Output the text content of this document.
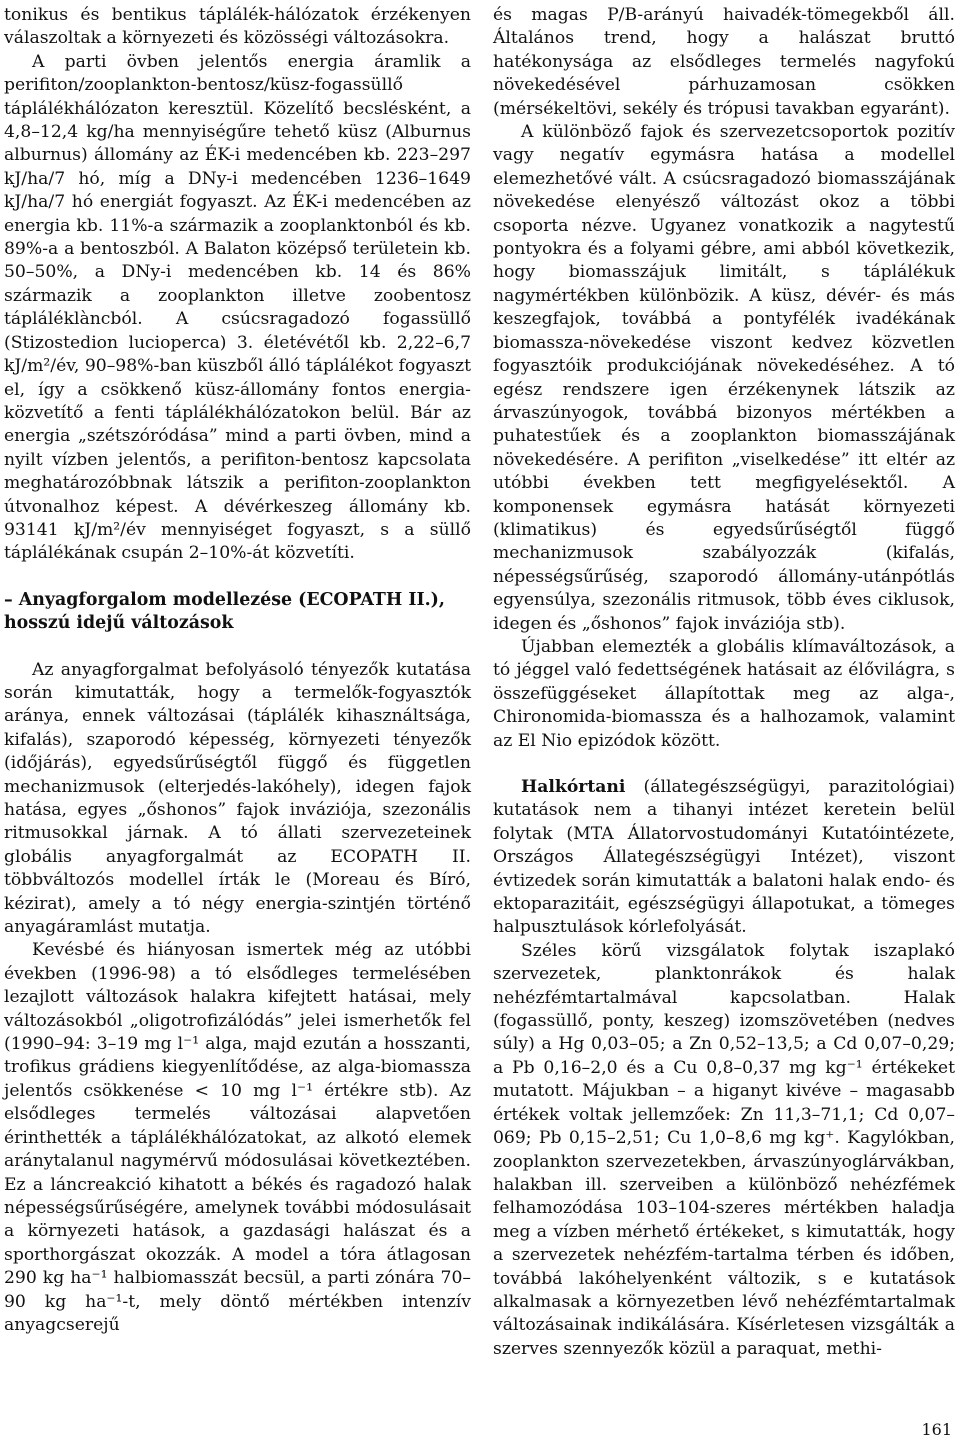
tonikus és bentikus táplálék-hálózatok érzékenyen válaszoltak a környezeti és közösségi változásokra.

A parti övben jelentős energia áramlik a perifiton/zooplankton-bentosz/küsz-fogassüllő táplálékhálózaton keresztül. Közelítő becslésként, a 4,8–12,4 kg/ha mennyiségűre tehető küsz (Alburnus alburnus) állomány az ÉK-i medencében kb. 223–297 kJ/ha/7 hó, míg a DNy-i medencében 1236–1649 kJ/ha/7 hó energiát fogyaszt. Az ÉK-i medencében az energia kb. 11%-a származik a zooplanktonból és kb. 89%-a a bentoszból. A Balaton középső területein kb. 50–50%, a DNy-i medencében kb. 14 és 86% származik a zooplankton illetve zoobentosz tápláléklàncból. A csúcsragadozó fogassüllő (Stizostedion lucioperca) 3. életévétől kb. 2,22–6,7 kJ/m²/év, 90–98%-ban küszből álló táplálékot fogyaszt el, így a csökkenő küsz-állomány fontos energia-közvetítő a fenti táplálékhálózatokon belül. Bár az energia „szétszóródása” mind a parti övben, mind a nyilt vízben jelentős, a perifiton-bentosz kapcsolata meghatározóbbnak látszik a perifiton-zooplankton útvonalhoz képest. A dévérkeszeg állomány kb. 93141 kJ/m²/év mennyiséget fogyaszt, s a süllő táplálékának csupán 2–10%-át közvetíti.

– Anyagforgalom modellezése (ECOPATH II.), hosszú idejű változások

Az anyagforgalmat befolyásoló tényezők kutatása során kimutatták, hogy a termelők-fogyasztók aránya, ennek változásai (táplálék kihasználtsága, kifalás), szaporodó képesség, környezeti tényezők (időjárás), egyedsűrűségtől függő és független mechanizmusok (elterjedés-lakóhely), idegen fajok hatása, egyes „őshonos” fajok inváziója, szezonális ritmusokkal járnak. A tó állati szervezeteinek globális anyagforgalmát az ECOPATH II. többváltozós modellel írták le (Moreau és Bíró, kézirat), amely a tó négy energia-szintjén történő anyagáramlást mutatja.

Kevésbé és hiányosan ismertek még az utóbbi években (1996-98) a tó elsődleges termelésében lezajlott változások halakra kifejtett hatásai, mely változásokból „oligotrofizálódás” jelei ismerhetők fel (1990–94: 3–19 mg l⁻¹ alga, majd ezután a hosszanti, trofikus grádiens kiegyenlítődése, az alga-biomassza jelentős csökkenése < 10 mg l⁻¹ értékre stb). Az elsődleges termelés változásai alapvetően érinthették a táplálékhálózatokat, az alkotó elemek aránytalanul nagymérvű módosulásai következtében. Ez a láncreakció kihatott a békés és ragadozó halak népességsűrűségére, amelynek további módosulásait a környezeti hatások, a gazdasági halászat és a sporthorgászat okozzák. A model a tóra átlagosan 290 kg ha⁻¹ halbiomasszát becsül, a parti zónára 70–90 kg ha⁻¹-t, mely döntő mértékben intenzív anyagcserejű

és magas P/B-arányú haivadék-tömegekből áll. Általános trend, hogy a halászat bruttó hatékonysága az elsődleges termelés nagyfokú növekedésével párhuzamosan csökken (mérsékeltövi, sekély és trópusi tavakban egyaránt).

A különböző fajok és szervezetcsoportok pozitív vagy negatív egymásra hatása a modellel elemezhetővé vált. A csúcsragadozó biomasszájának növekedése elenyésző változást okoz a többi csoporta nézve. Ugyanez vonatkozik a nagytestű pontyokra és a folyami gébre, ami abból következik, hogy biomasszájuk limitált, s táplálékuk nagymértékben különbözik. A küsz, dévér- és más keszegfajok, továbbá a pontyfélék ivadékának biomassza-növekedése viszont kedvez közvetlen fogyasztóik produkciójának növekedéséhez. A tó egész rendszere igen érzékenynek látszik az árvaszúnyogok, továbbá bizonyos mértékben a puhatestűek és a zooplankton biomasszájának növekedésére. A perifiton „viselkedése” itt eltér az utóbbi években tett megfigyelésektől. A komponensek egymásra hatását környezeti (klimatikus) és egyedsűrűségtől függő mechanizmusok szabályozzák (kifalás, népességsűrűség, szaporodó állomány-utánpótlás egyensúlya, szezonális ritmusok, több éves ciklusok, idegen és „őshonos” fajok inváziója stb).

Újabban elemezték a globális klímaváltozások, a tó jéggel való fedettségének hatásait az élővilágra, s összefüggéseket állapítottak meg az alga-, Chironomida-biomassza és a halhozamok, valamint az El Nio epizódok között.

Halkórtani (állategészségügyi, parazitológiai) kutatások nem a tihanyi intézet keretein belül folytak (MTA Állatorvostudományi Kutatóintézete, Országos Állategészségügyi Intézet), viszont évtizedek során kimutatták a balatoni halak endo- és ektoparazitáit, egészségügyi állapotukat, a tömeges halpusztulások kórlefolyását.

Széles körű vizsgálatok folytak iszaplakó szervezetek, planktonrákok és halak nehézfémtartalmával kapcsolatban. Halak (fogassüllő, ponty, keszeg) izomszövetében (nedves súly) a Hg 0,03–05; a Zn 0,52–13,5; a Cd 0,07–0,29; a Pb 0,16–2,0 és a Cu 0,8–0,37 mg kg⁻¹ értékeket mutatott. Májukban – a higanyt kivéve – magasabb értékek voltak jellemzőek: Zn 11,3–71,1; Cd 0,07–069; Pb 0,15–2,51; Cu 1,0–8,6 mg kg⁺. Kagylókban, zooplankton szervezetekben, árvaszúnyoglárvákban, halakban ill. szerveiben a különböző nehézfémek felhamozódása 103–104-szeres mértékben haladja meg a vízben mérhető értékeket, s kimutatták, hogy a szervezetek nehézfém-tartalma térben és időben, továbbá lakóhelyenként változik, s e kutatások alkalmasak a környezetben lévő nehézfémtartalmak változásainak indikálására. Kísérletesen vizsgálták a szerves szennyezők közül a paraquat, methi-

161
